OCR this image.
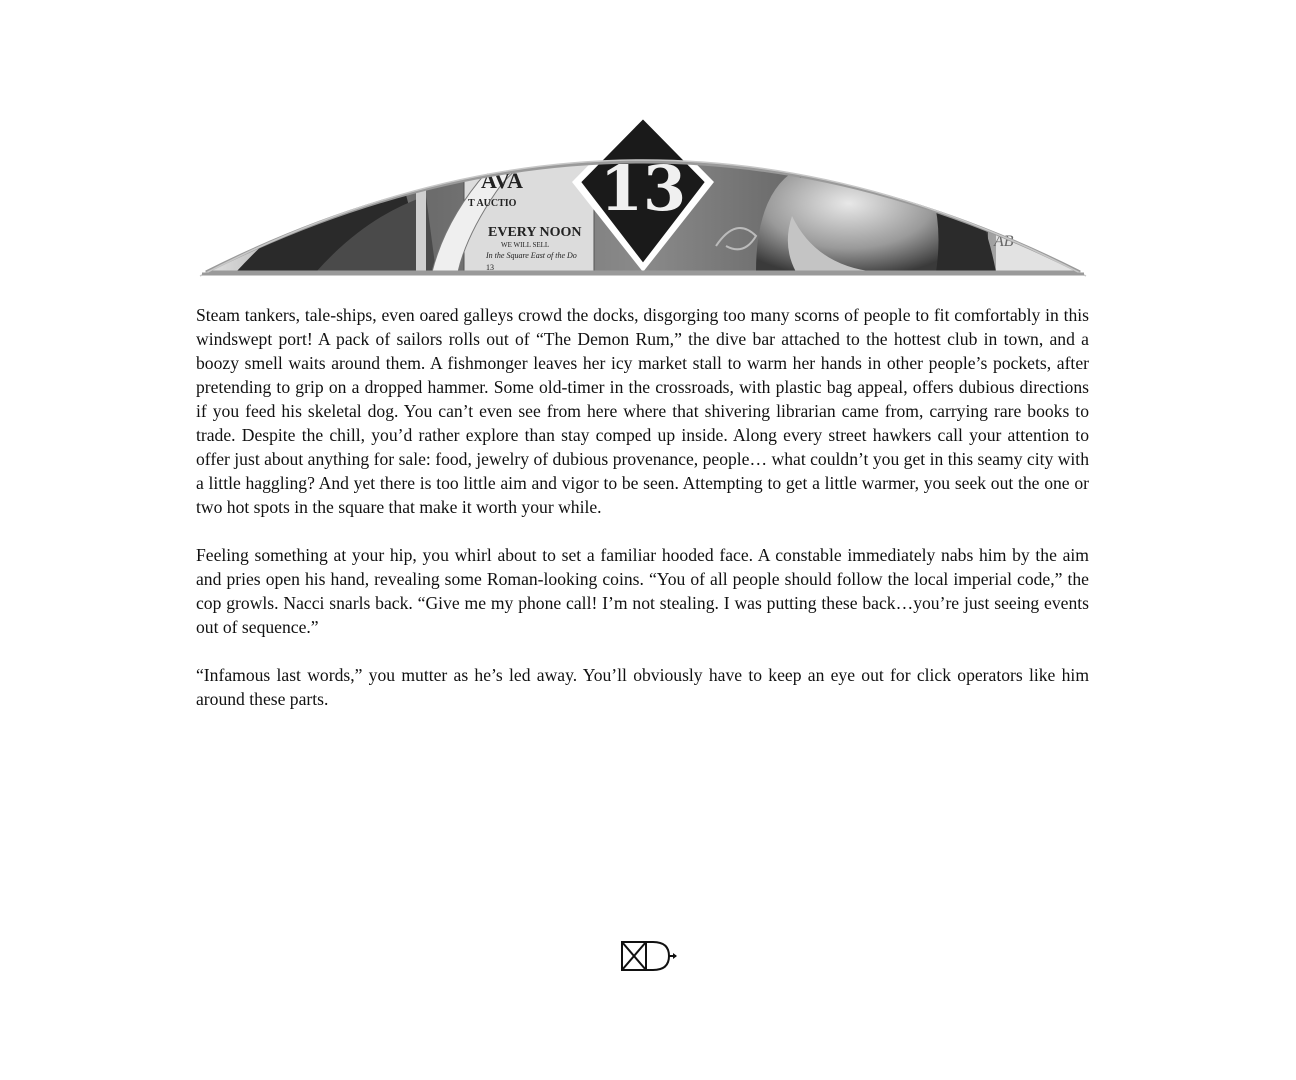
AVA
T AUCTIO
EVERY NOON
WE WILL SELL
In the Square East of the Do
13
13
AB

Steam tankers, tale-ships, even oared galleys crowd the docks, disgorging too many scorns of people to fit comfortably in this windswept port! A pack of sailors rolls out of “The Demon Rum,” the dive bar attached to the hottest club in town, and a boozy smell waits around them. A fishmonger leaves her icy market stall to warm her hands in other people’s pockets, after pretending to grip on a dropped hammer. Some old-timer in the crossroads, with plastic bag appeal, offers dubious directions if you feed his skeletal dog. You can’t even see from here where that shivering librarian came from, carrying rare books to trade. Despite the chill, you’d rather explore than stay comped up inside. Along every street hawkers call your attention to offer just about anything for sale: food, jewelry of dubious provenance, people… what couldn’t you get in this seamy city with a little haggling? And yet there is too little aim and vigor to be seen. Attempting to get a little warmer, you seek out the one or two hot spots in the square that make it worth your while.

Feeling something at your hip, you whirl about to set a familiar hooded face. A constable immediately nabs him by the aim and pries open his hand, revealing some Roman-looking coins. “You of all people should follow the local imperial code,” the cop growls. Nacci snarls back. “Give me my phone call! I’m not stealing. I was putting these back…you’re just seeing events out of sequence.”

“Infamous last words,” you mutter as he’s led away. You’ll obviously have to keep an eye out for click operators like him around these parts.
